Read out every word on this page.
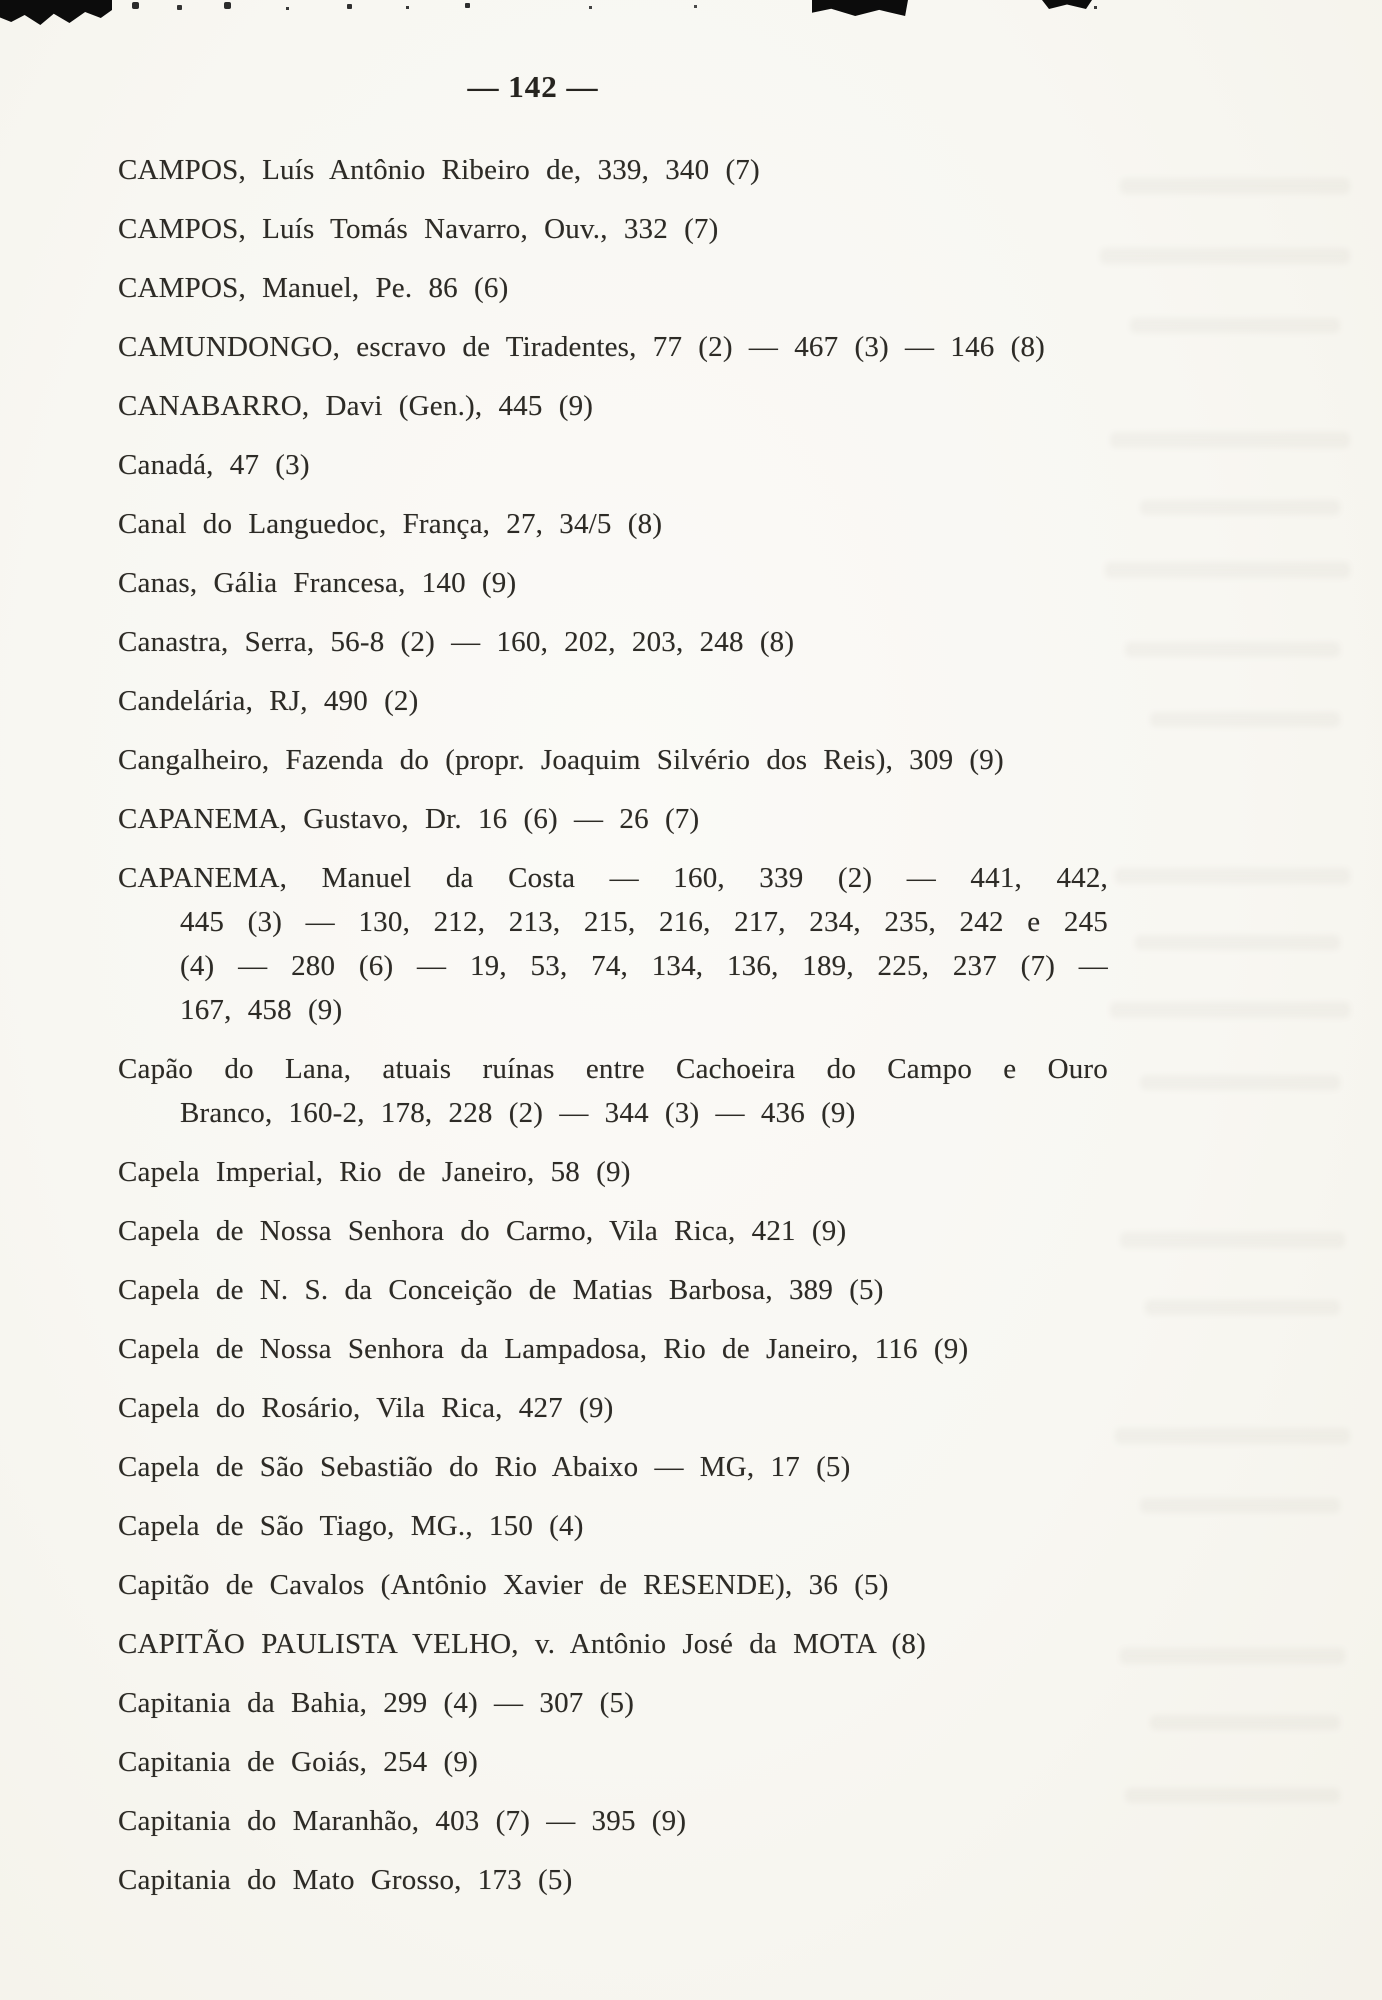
— 142 —
CAMPOS, Luís Antônio Ribeiro de, 339, 340 (7)
CAMPOS, Luís Tomás Navarro, Ouv., 332 (7)
CAMPOS, Manuel, Pe. 86 (6)
CAMUNDONGO, escravo de Tiradentes, 77 (2) — 467 (3) — 146 (8)
CANABARRO, Davi (Gen.), 445 (9)
Canadá, 47 (3)
Canal do Languedoc, França, 27, 34/5 (8)
Canas, Gália Francesa, 140 (9)
Canastra, Serra, 56-8 (2) — 160, 202, 203, 248 (8)
Candelária, RJ, 490 (2)
Cangalheiro, Fazenda do (propr. Joaquim Silvério dos Reis), 309 (9)
CAPANEMA, Gustavo, Dr. 16 (6) — 26 (7)
CAPANEMA, Manuel da Costa — 160, 339 (2) — 441, 442,
445 (3) — 130, 212, 213, 215, 216, 217, 234, 235, 242 e 245
(4) — 280 (6) — 19, 53, 74, 134, 136, 189, 225, 237 (7) —
167, 458 (9)
Capão do Lana, atuais ruínas entre Cachoeira do Campo e Ouro
Branco, 160-2, 178, 228 (2) — 344 (3) — 436 (9)
Capela Imperial, Rio de Janeiro, 58 (9)
Capela de Nossa Senhora do Carmo, Vila Rica, 421 (9)
Capela de N. S. da Conceição de Matias Barbosa, 389 (5)
Capela de Nossa Senhora da Lampadosa, Rio de Janeiro, 116 (9)
Capela do Rosário, Vila Rica, 427 (9)
Capela de São Sebastião do Rio Abaixo — MG, 17 (5)
Capela de São Tiago, MG., 150 (4)
Capitão de Cavalos (Antônio Xavier de RESENDE), 36 (5)
CAPITÃO PAULISTA VELHO, v. Antônio José da MOTA (8)
Capitania da Bahia, 299 (4) — 307 (5)
Capitania de Goiás, 254 (9)
Capitania do Maranhão, 403 (7) — 395 (9)
Capitania do Mato Grosso, 173 (5)
